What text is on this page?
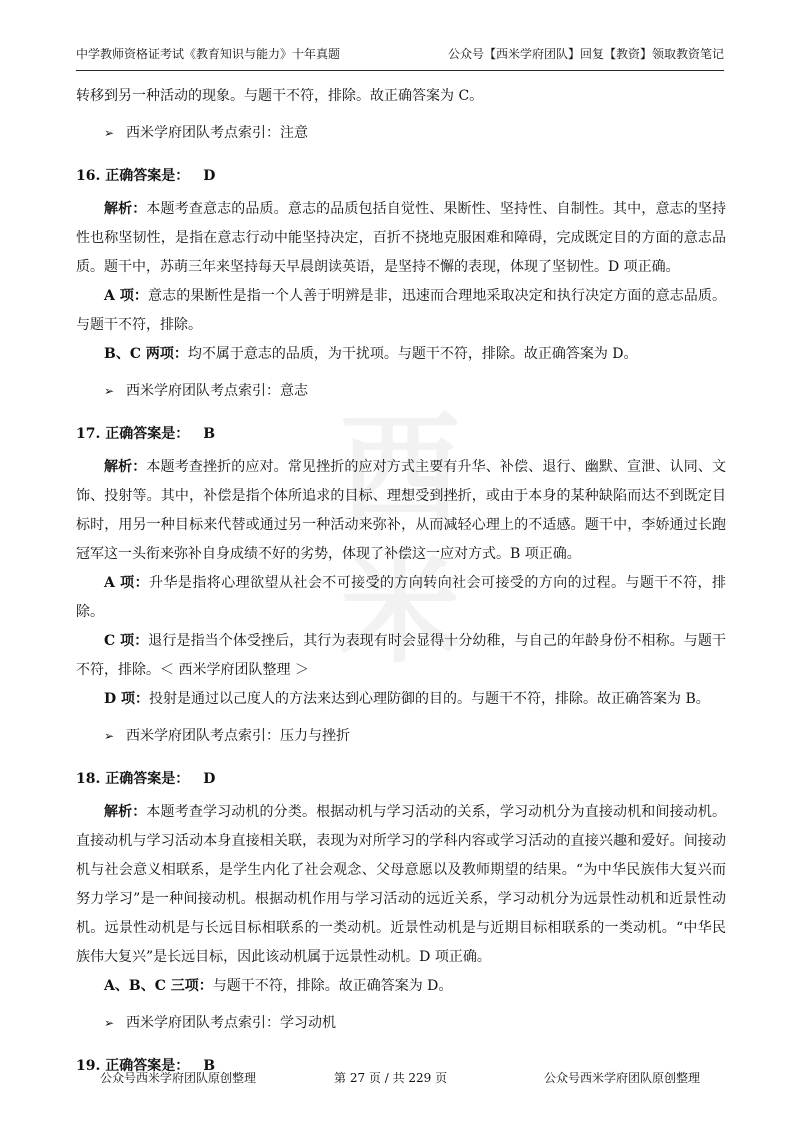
中学教师资格证考试《教育知识与能力》十年真题	公众号【西米学府团队】回复【教资】领取教资笔记
西米

转移到另一种活动的现象。与题干不符，排除。故正确答案为 C。

➢ 西米学府团队考点索引：注意
16. 正确答案是： D

解析：本题考查意志的品质。意志的品质包括自觉性、果断性、坚持性、自制性。其中，意志的坚持性也称坚韧性，是指在意志行动中能坚持决定，百折不挠地克服困难和障碍，完成既定目的方面的意志品质。题干中，苏萌三年来坚持每天早晨朗读英语，是坚持不懈的表现，体现了坚韧性。D 项正确。

A 项：意志的果断性是指一个人善于明辨是非，迅速而合理地采取决定和执行决定方面的意志品质。与题干不符，排除。

B、C 两项：均不属于意志的品质，为干扰项。与题干不符，排除。故正确答案为 D。

➢ 西米学府团队考点索引：意志
17. 正确答案是： B

解析：本题考查挫折的应对。常见挫折的应对方式主要有升华、补偿、退行、幽默、宣泄、认同、文饰、投射等。其中，补偿是指个体所追求的目标、理想受到挫折，或由于本身的某种缺陷而达不到既定目标时，用另一种目标来代替或通过另一种活动来弥补，从而减轻心理上的不适感。题干中，李娇通过长跑冠军这一头衔来弥补自身成绩不好的劣势，体现了补偿这一应对方式。B 项正确。

A 项：升华是指将心理欲望从社会不可接受的方向转向社会可接受的方向的过程。与题干不符，排除。

C 项：退行是指当个体受挫后，其行为表现有时会显得十分幼稚，与自己的年龄身份不相称。与题干不符，排除。＜ 西米学府团队整理 ＞

D 项：投射是通过以己度人的方法来达到心理防御的目的。与题干不符，排除。故正确答案为 B。

➢ 西米学府团队考点索引：压力与挫折
18. 正确答案是： D

解析：本题考查学习动机的分类。根据动机与学习活动的关系，学习动机分为直接动机和间接动机。直接动机与学习活动本身直接相关联，表现为对所学习的学科内容或学习活动的直接兴趣和爱好。间接动机与社会意义相联系，是学生内化了社会观念、父母意愿以及教师期望的结果。“为中华民族伟大复兴而努力学习”是一种间接动机。根据动机作用与学习活动的远近关系，学习动机分为远景性动机和近景性动机。远景性动机是与长远目标相联系的一类动机。近景性动机是与近期目标相联系的一类动机。“中华民族伟大复兴”是长远目标，因此该动机属于远景性动机。D 项正确。

A、B、C 三项：与题干不符，排除。故正确答案为 D。

➢ 西米学府团队考点索引：学习动机
19. 正确答案是： B
公众号西米学府团队原创整理	第 27 页 / 共 229 页	公众号西米学府团队原创整理
